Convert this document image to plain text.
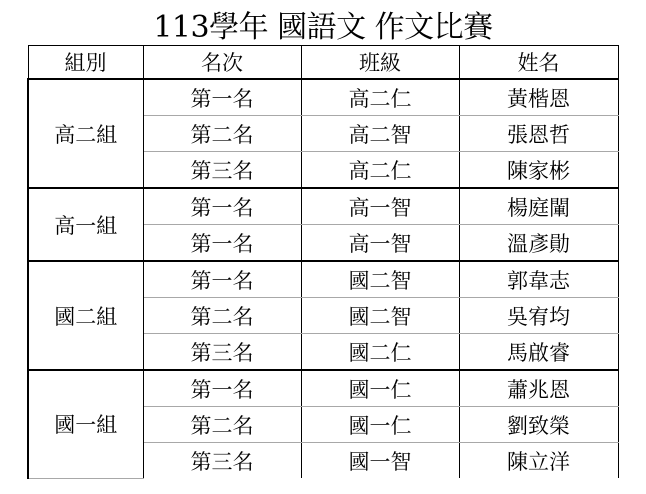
113學年 國語文 作文比賽
組別	名次	班級	姓名
高二組	第一名	高二仁	黃楷恩
	第二名	高二智	張恩哲
	第三名	高二仁	陳家彬
高一組	第一名	高一智	楊庭閳
	第一名	高一智	溫彥勛
國二組	第一名	國二智	郭韋志
	第二名	國二智	吳宥均
	第三名	國二仁	馬啟睿
國一組	第一名	國一仁	蕭兆恩
	第二名	國一仁	劉致榮
	第三名	國一智	陳立洋
